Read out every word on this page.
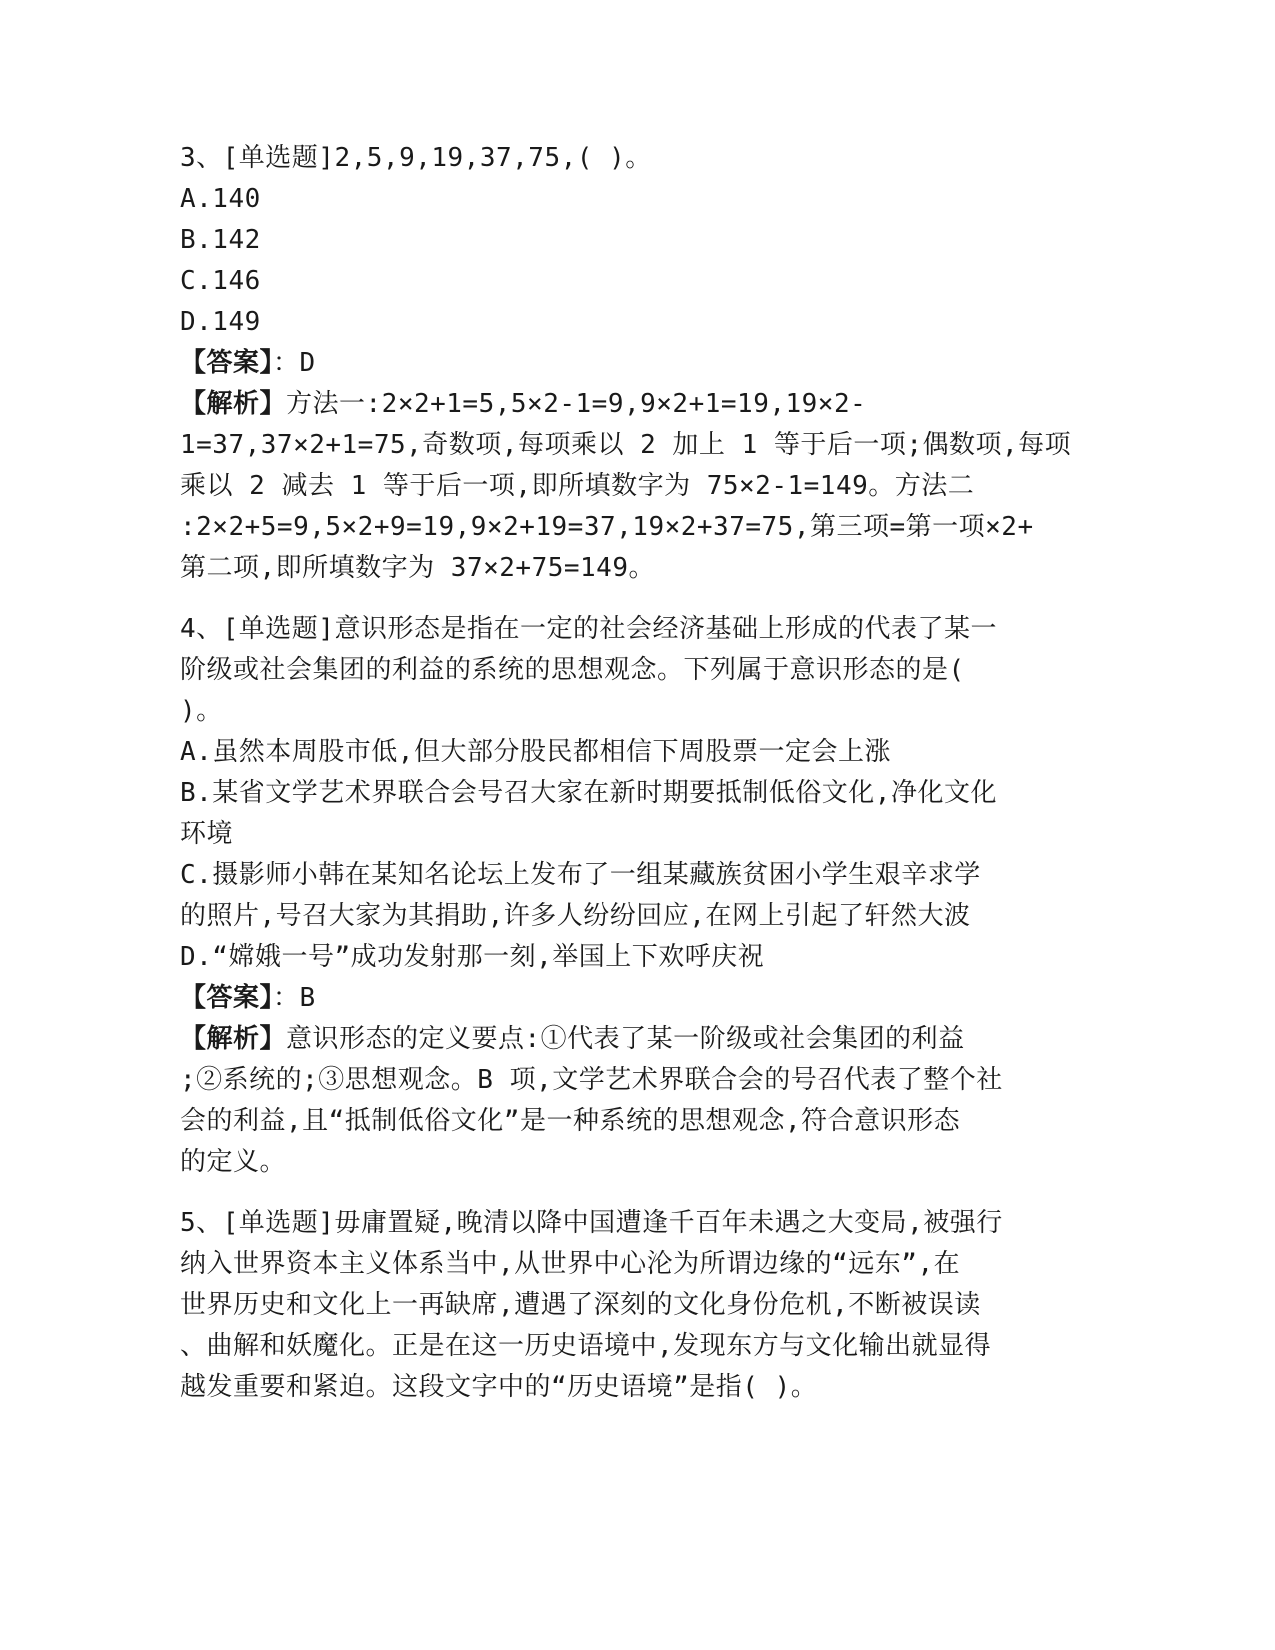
3、[单选题]2,5,9,19,37,75,( )。
A.140
B.142
C.146
D.149
【答案】：D
【解析】方法一:2×2+1=5,5×2-1=9,9×2+1=19,19×2-
1=37,37×2+1=75,奇数项,每项乘以 2 加上 1 等于后一项;偶数项,每项
乘以 2 减去 1 等于后一项,即所填数字为 75×2-1=149。方法二
:2×2+5=9,5×2+9=19,9×2+19=37,19×2+37=75,第三项=第一项×2+
第二项,即所填数字为 37×2+75=149。
4、[单选题]意识形态是指在一定的社会经济基础上形成的代表了某一
阶级或社会集团的利益的系统的思想观念。下列属于意识形态的是(
)。
A.虽然本周股市低,但大部分股民都相信下周股票一定会上涨
B.某省文学艺术界联合会号召大家在新时期要抵制低俗文化,净化文化
环境
C.摄影师小韩在某知名论坛上发布了一组某藏族贫困小学生艰辛求学
的照片,号召大家为其捐助,许多人纷纷回应,在网上引起了轩然大波
D.“嫦娥一号”成功发射那一刻,举国上下欢呼庆祝
【答案】：B
【解析】意识形态的定义要点:①代表了某一阶级或社会集团的利益
;②系统的;③思想观念。B 项,文学艺术界联合会的号召代表了整个社
会的利益,且“抵制低俗文化”是一种系统的思想观念,符合意识形态
的定义。
5、[单选题]毋庸置疑,晚清以降中国遭逢千百年未遇之大变局,被强行
纳入世界资本主义体系当中,从世界中心沦为所谓边缘的“远东”,在
世界历史和文化上一再缺席,遭遇了深刻的文化身份危机,不断被误读
、曲解和妖魔化。正是在这一历史语境中,发现东方与文化输出就显得
越发重要和紧迫。这段文字中的“历史语境”是指( )。
